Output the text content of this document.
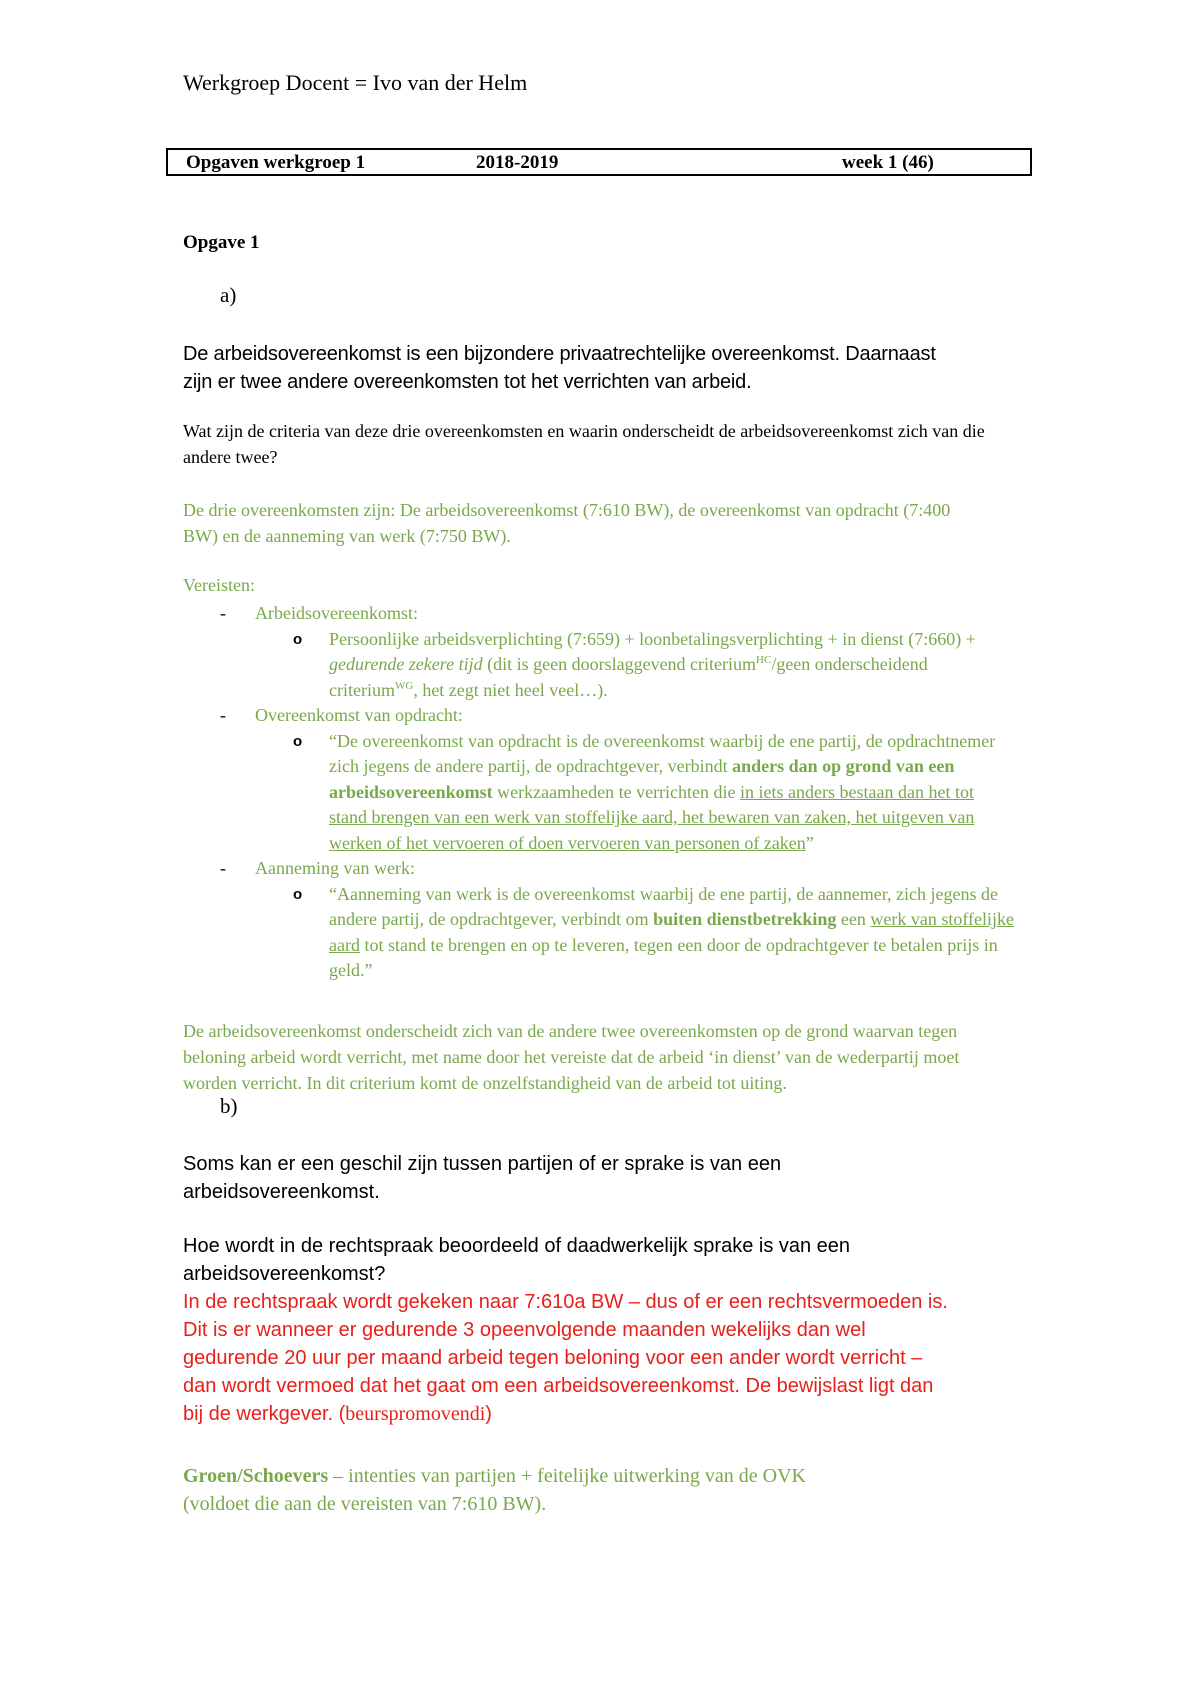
Werkgroep Docent = Ivo van der Helm
Opgaven werkgroep 1	2018-2019	week 1 (46)
Opgave 1
a)
De arbeidsovereenkomst is een bijzondere privaatrechtelijke overeenkomst. Daarnaast
zijn er twee andere overeenkomsten tot het verrichten van arbeid.
Wat zijn de criteria van deze drie overeenkomsten en waarin onderscheidt de arbeidsovereenkomst zich van die
andere twee?
De drie overeenkomsten zijn: De arbeidsovereenkomst (7:610 BW), de overeenkomst van opdracht (7:400
BW) en de aanneming van werk (7:750 BW).
Vereisten:
- Arbeidsovereenkomst:
o Persoonlijke arbeidsverplichting (7:659) + loonbetalingsverplichting + in dienst (7:660) +
gedurende zekere tijd (dit is geen doorslaggevend criterium$^{HC}$/geen onderscheidend
criterium$^{WG}$, het zegt niet heel veel…).
- Overeenkomst van opdracht:
o “De overeenkomst van opdracht is de overeenkomst waarbij de ene partij, de opdrachtnemer
zich jegens de andere partij, de opdrachtgever, verbindt anders dan op grond van een
arbeidsovereenkomst werkzaamheden te verrichten die in iets anders bestaan dan het tot
stand brengen van een werk van stoffelijke aard, het bewaren van zaken, het uitgeven van
werken of het vervoeren of doen vervoeren van personen of zaken”
- Aanneming van werk:
o “Aanneming van werk is de overeenkomst waarbij de ene partij, de aannemer, zich jegens de
andere partij, de opdrachtgever, verbindt om buiten dienstbetrekking een werk van stoffelijke
aard tot stand te brengen en op te leveren, tegen een door de opdrachtgever te betalen prijs in
geld.”
De arbeidsovereenkomst onderscheidt zich van de andere twee overeenkomsten op de grond waarvan tegen
beloning arbeid wordt verricht, met name door het vereiste dat de arbeid ‘in dienst’ van de wederpartij moet
worden verricht. In dit criterium komt de onzelfstandigheid van de arbeid tot uiting.
b)
Soms kan er een geschil zijn tussen partijen of er sprake is van een
arbeidsovereenkomst.
Hoe wordt in de rechtspraak beoordeeld of daadwerkelijk sprake is van een
arbeidsovereenkomst?
In de rechtspraak wordt gekeken naar 7:610a BW – dus of er een rechtsvermoeden is.
Dit is er wanneer er gedurende 3 opeenvolgende maanden wekelijks dan wel
gedurende 20 uur per maand arbeid tegen beloning voor een ander wordt verricht –
dan wordt vermoed dat het gaat om een arbeidsovereenkomst. De bewijslast ligt dan
bij de werkgever. (beurspromovendi)
Groen/Schoevers – intenties van partijen + feitelijke uitwerking van de OVK
(voldoet die aan de vereisten van 7:610 BW).
